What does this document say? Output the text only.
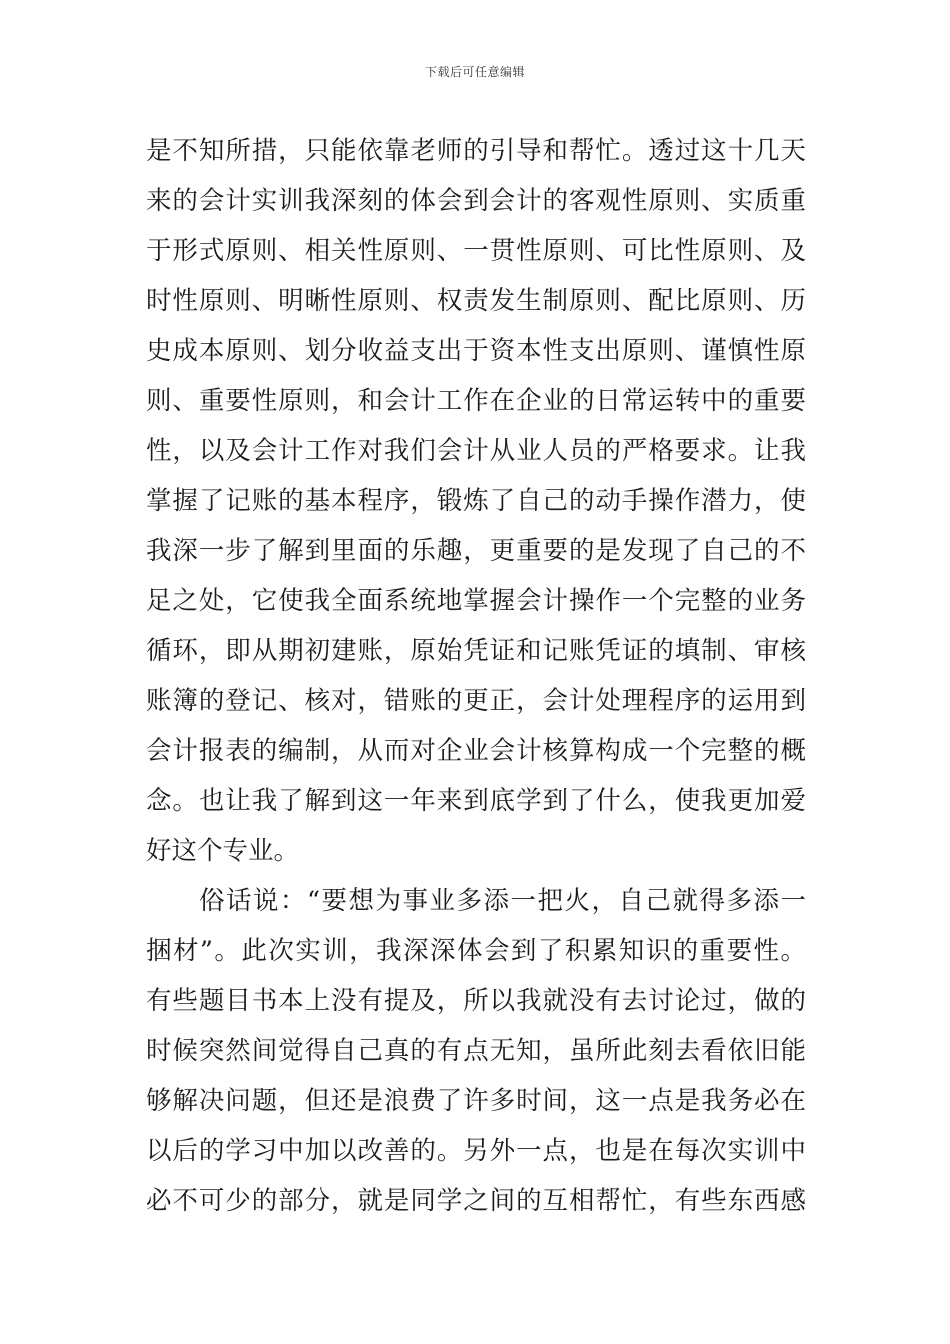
下载后可任意编辑
是不知所措，只能依靠老师的引导和帮忙。透过这十几天
来的会计实训我深刻的体会到会计的客观性原则、实质重
于形式原则、相关性原则、一贯性原则、可比性原则、及
时性原则、明晰性原则、权责发生制原则、配比原则、历
史成本原则、划分收益支出于资本性支出原则、谨慎性原
则、重要性原则，和会计工作在企业的日常运转中的重要
性，以及会计工作对我们会计从业人员的严格要求。让我
掌握了记账的基本程序，锻炼了自己的动手操作潜力，使
我深一步了解到里面的乐趣，更重要的是发现了自己的不
足之处，它使我全面系统地掌握会计操作一个完整的业务
循环，即从期初建账，原始凭证和记账凭证的填制、审核
账簿的登记、核对，错账的更正，会计处理程序的运用到
会计报表的编制，从而对企业会计核算构成一个完整的概
念。也让我了解到这一年来到底学到了什么，使我更加爱
好这个专业。
俗话说：“要想为事业多添一把火，自己就得多添一
捆材”。此次实训，我深深体会到了积累知识的重要性。
有些题目书本上没有提及，所以我就没有去讨论过，做的
时候突然间觉得自己真的有点无知，虽所此刻去看依旧能
够解决问题，但还是浪费了许多时间，这一点是我务必在
以后的学习中加以改善的。另外一点，也是在每次实训中
必不可少的部分，就是同学之间的互相帮忙，有些东西感
